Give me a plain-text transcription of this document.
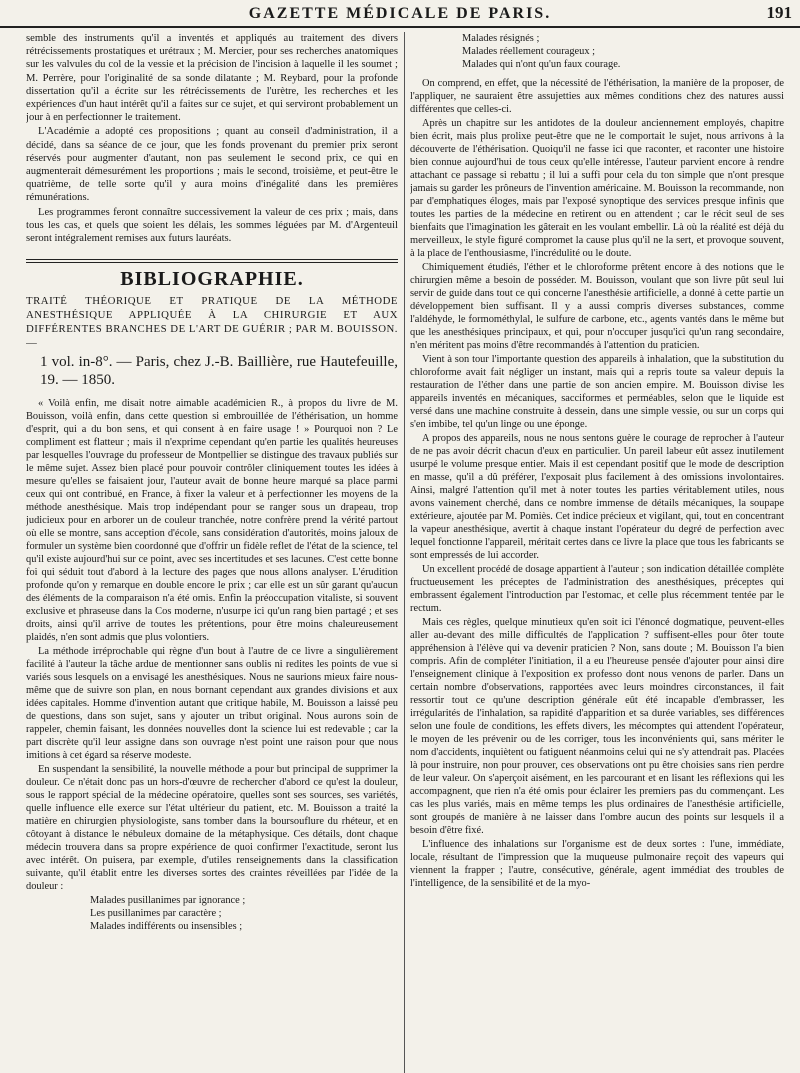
GAZETTE MÉDICALE DE PARIS.	191

semble des instruments qu'il a inventés et appliqués au traitement des divers rétrécissements prostatiques et urétraux ; M. Mercier, pour ses recherches anatomiques sur les valvules du col de la vessie et la précision de l'incision à laquelle il les soumet ; M. Perrère, pour l'originalité de sa sonde dilatante ; M. Reybard, pour la profonde dissertation qu'il a écrite sur les rétrécissements de l'urètre, les recherches et les expériences d'un haut intérêt qu'il a faites sur ce sujet, et qui serviront probablement un jour à en perfectionner le traitement.

L'Académie a adopté ces propositions ; quant au conseil d'administration, il a décidé, dans sa séance de ce jour, que les fonds provenant du premier prix seront réservés pour augmenter d'autant, non pas seulement le second prix, ce qui en augmenterait démesurément les proportions ; mais le second, troisième, et peut-être le quatrième, de telle sorte qu'il y aura moins d'inégalité dans les premières rémunérations.

Les programmes feront connaître successivement la valeur de ces prix ; mais, dans tous les cas, et quels que soient les délais, les sommes léguées par M. d'Argenteuil seront intégralement remises aux futurs lauréats.

BIBLIOGRAPHIE.

TRAITÉ THÉORIQUE ET PRATIQUE DE LA MÉTHODE ANESTHÉSIQUE APPLIQUÉE À LA CHIRURGIE ET AUX DIFFÉRENTES BRANCHES DE L'ART DE GUÉRIR ; PAR M. BOUISSON. —

1 vol. in-8°. — Paris, chez J.-B. Baillière, rue Hautefeuille, 19. — 1850.

« Voilà enfin, me disait notre aimable académicien R., à propos du livre de M. Bouisson, voilà enfin, dans cette question si embrouillée de l'éthérisation, un homme d'esprit, qui a du bon sens, et qui consent à en faire usage ! » Pourquoi non ? Le compliment est flatteur ; mais il n'exprime cependant qu'en partie les qualités heureuses par lesquelles l'ouvrage du professeur de Montpellier se distingue des travaux publiés sur le même sujet. Assez bien placé pour pouvoir contrôler cliniquement toutes les idées à mesure qu'elles se faisaient jour, l'auteur avait de bonne heure marqué sa place parmi ceux qui ont contribué, en France, à fixer la valeur et à perfectionner les moyens de la méthode anesthésique. Mais trop indépendant pour se ranger sous un drapeau, trop judicieux pour en arborer un de couleur tranchée, notre confrère prend la vérité partout où elle se montre, sans acception d'école, sans considération d'autorités, moins jaloux de formuler un système bien coordonné que d'offrir un fidèle reflet de l'état de la science, tel qu'il existe aujourd'hui sur ce point, avec ses incertitudes et ses lacunes. C'est cette bonne foi qui séduit tout d'abord à la lecture des pages que nous allons analyser. L'érudition profonde qu'on y remarque en double encore le prix ; car elle est un sûr garant qu'aucun des éléments de la comparaison n'a été omis. Enfin la préoccupation vitaliste, si souvent exclusive et phraseuse dans la Cos moderne, n'usurpe ici qu'un rang bien partagé ; et ses droits, ainsi qu'il arrive de toutes les prétentions, pour être moins chaleureusement plaidés, n'en sont admis que plus volontiers.

La méthode irréprochable qui règne d'un bout à l'autre de ce livre a singulièrement facilité à l'auteur la tâche ardue de mentionner sans oublis ni redites les points de vue si variés sous lesquels on a envisagé les anesthésiques. Nous ne saurions mieux faire nous-même que de suivre son plan, en nous bornant cependant aux grandes divisions et aux idées capitales. Homme d'invention autant que critique habile, M. Bouisson a laissé peu de questions, dans son sujet, sans y ajouter un tribut original. Nous aurons soin de rappeler, chemin faisant, les données nouvelles dont la science lui est redevable ; car la part discrète qu'il leur assigne dans son ouvrage n'est point une raison pour que nous imitions à cet égard sa réserve modeste.

En suspendant la sensibilité, la nouvelle méthode a pour but principal de supprimer la douleur. Ce n'était donc pas un hors-d'œuvre de rechercher d'abord ce qu'est la douleur, sous le rapport spécial de la médecine opératoire, quelles sont ses sources, ses variétés, quelle influence elle exerce sur l'état ultérieur du patient, etc. M. Bouisson a traité la matière en chirurgien physiologiste, sans tomber dans la boursouflure du rhéteur, et en côtoyant à distance le nébuleux domaine de la métaphysique. Ces détails, dont chaque médecin trouvera dans sa propre expérience de quoi confirmer l'exactitude, seront lus avec intérêt. On puisera, par exemple, d'utiles renseignements dans la classification suivante, qu'il établit entre les diverses sortes des craintes réveillées par l'idée de la douleur :

Malades pusillanimes par ignorance ;

Les pusillanimes par caractère ;

Malades indifférents ou insensibles ;

Malades résignés ;

Malades réellement courageux ;

Malades qui n'ont qu'un faux courage.

On comprend, en effet, que la nécessité de l'éthérisation, la manière de la proposer, de l'appliquer, ne sauraient être assujetties aux mêmes conditions chez des natures aussi différentes que celles-ci.

Après un chapitre sur les antidotes de la douleur anciennement employés, chapitre bien écrit, mais plus prolixe peut-être que ne le comportait le sujet, nous arrivons à la découverte de l'éthérisation. Quoiqu'il ne fasse ici que raconter, et raconter une histoire bien connue aujourd'hui de tous ceux qu'elle intéresse, l'auteur parvient encore à rendre attachant ce passage si rebattu ; il lui a suffi pour cela du ton simple que n'ont presque jamais su garder les prôneurs de l'invention américaine. M. Bouisson la recommande, non par d'emphatiques éloges, mais par l'exposé synoptique des services presque infinis que toutes les parties de la médecine en retirent ou en attendent ; car le récit seul de ses bienfaits que l'imagination les gâterait en les voulant embellir. Là où la réalité est déjà du merveilleux, le style figuré compromet la cause plus qu'il ne la sert, et provoque souvent, à la place de l'enthousiasme, l'incrédulité ou le doute.

Chimiquement étudiés, l'éther et le chloroforme prêtent encore à des notions que le chirurgien même a besoin de posséder. M. Bouisson, voulant que son livre pût seul lui servir de guide dans tout ce qui concerne l'anesthésie artificielle, a donné à cette partie un développement bien suffisant. Il y a aussi compris diverses substances, comme l'aldéhyde, le formométhylal, le sulfure de carbone, etc., agents vantés dans le même but que les anesthésiques principaux, et qui, pour n'occuper jusqu'ici qu'un rang secondaire, n'en méritent pas moins d'être recommandés à l'attention du praticien.

Vient à son tour l'importante question des appareils à inhalation, que la substitution du chloroforme avait fait négliger un instant, mais qui a repris toute sa valeur depuis la restauration de l'éther dans une partie de son ancien empire. M. Bouisson divise les appareils inventés en mécaniques, sacciformes et perméables, selon que le liquide est versé dans une machine construite à dessein, dans une simple vessie, ou sur un corps qui s'en imbibe, tel qu'un linge ou une éponge.

A propos des appareils, nous ne nous sentons guère le courage de reprocher à l'auteur de ne pas avoir décrit chacun d'eux en particulier. Un pareil labeur eût assez inutilement usurpé le volume presque entier. Mais il est cependant positif que le mode de description en masse, qu'il a dû préférer, l'exposait plus facilement à des omissions involontaires. Ainsi, malgré l'attention qu'il met à noter toutes les parties véritablement utiles, nous avons vainement cherché, dans ce nombre immense de détails mécaniques, la soupape extérieure, ajoutée par M. Pomiès. Cet indice précieux et vigilant, qui, tout en concentrant la vapeur anesthésique, avertit à chaque instant l'opérateur du degré de perfection avec lequel fonctionne l'appareil, méritait certes dans ce livre la place que tous les fabricants se sont empressés de lui accorder.

Un excellent procédé de dosage appartient à l'auteur ; son indication détaillée complète fructueusement les préceptes de l'administration des anesthésiques, préceptes qui embrassent également l'introduction par l'estomac, et celle plus récemment tentée par le rectum.

Mais ces règles, quelque minutieux qu'en soit ici l'énoncé dogmatique, peuvent-elles aller au-devant des mille difficultés de l'application ? suffisent-elles pour ôter toute appréhension à l'élève qui va devenir praticien ? Non, sans doute ; M. Bouisson l'a bien compris. Afin de compléter l'initiation, il a eu l'heureuse pensée d'ajouter pour ainsi dire l'enseignement clinique à l'exposition ex professo dont nous venons de parler. Dans un certain nombre d'observations, rapportées avec leurs moindres circonstances, il fait ressortir tout ce qu'une description générale eût été incapable d'embrasser, les irrégularités de l'inhalation, sa rapidité d'apparition et sa durée variables, ses différences selon une foule de conditions, les effets divers, les mécomptes qui attendent l'opérateur, le moyen de les prévenir ou de les corriger, tous les inconvénients qui, sans mériter le nom d'accidents, inquiètent ou fatiguent néanmoins celui qui ne s'y attendrait pas. Placées là pour instruire, non pour prouver, ces observations ont pu être choisies sans rien perdre de leur valeur. On s'aperçoit aisément, en les parcourant et en lisant les réflexions qui les accompagnent, que rien n'a été omis pour éclairer les premiers pas du commençant. Les cas les plus variés, mais en même temps les plus ordinaires de l'anesthésie artificielle, sont groupés de manière à ne laisser dans l'ombre aucun des points sur lesquels il a besoin d'être fixé.

L'influence des inhalations sur l'organisme est de deux sortes : l'une, immédiate, locale, résultant de l'impression que la muqueuse pulmonaire reçoit des vapeurs qui viennent la frapper ; l'autre, consécutive, générale, agent immédiat des troubles de l'intelligence, de la sensibilité et de la myo-
